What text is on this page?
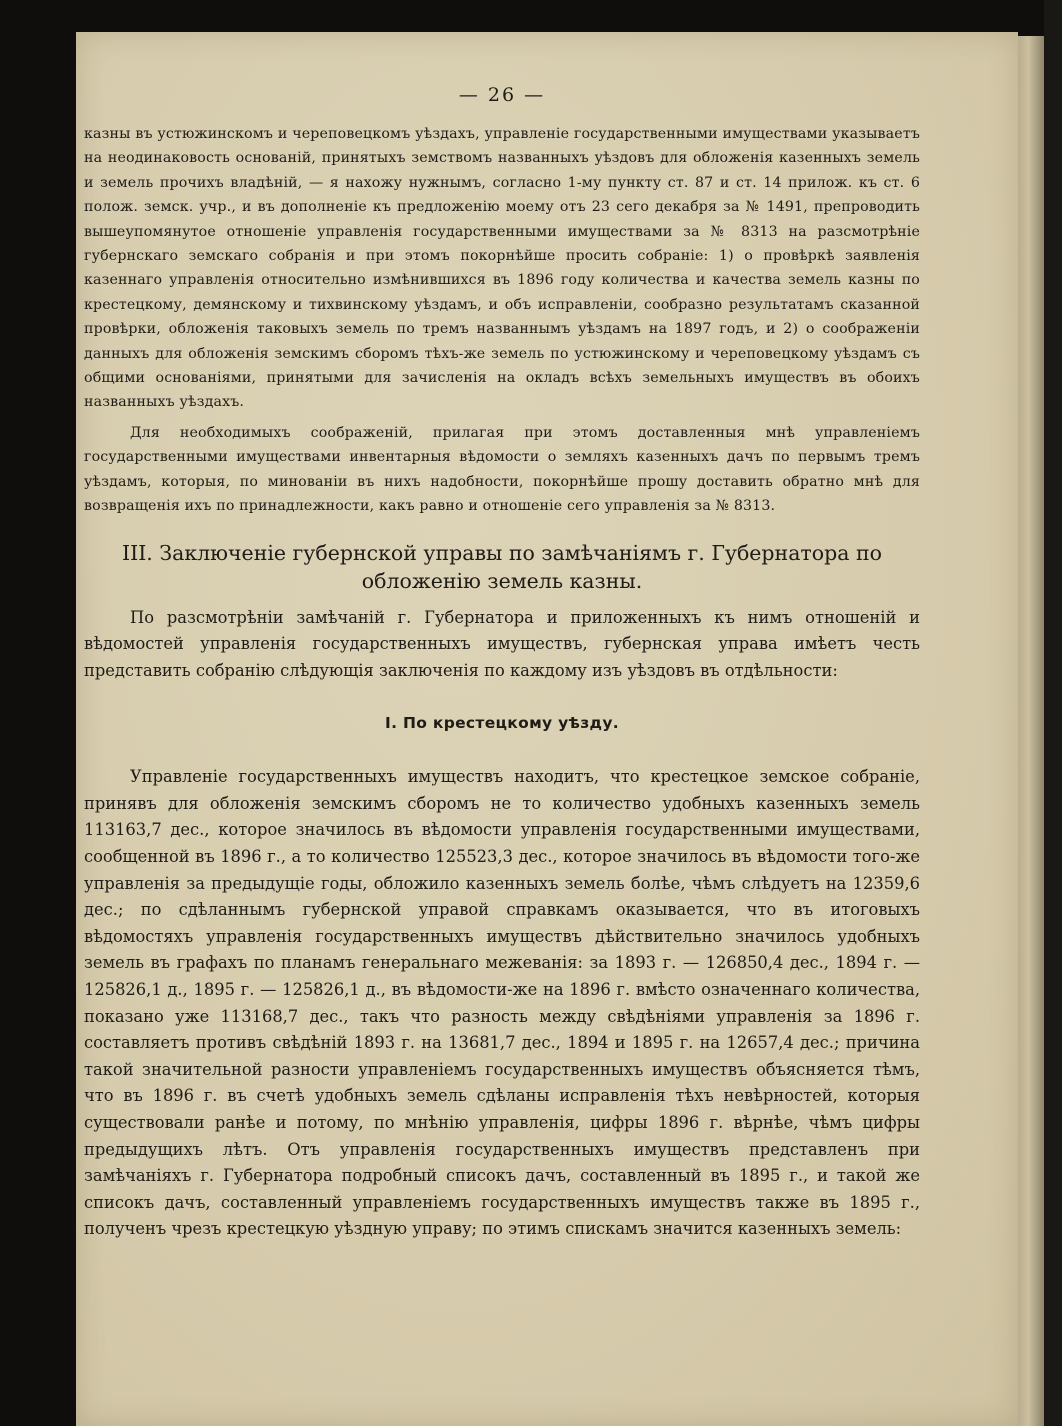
— 26 —

казны въ устюжинскомъ и череповецкомъ уѣздахъ, управленіе государственными имуществами указываетъ на неодинаковость основаній, принятыхъ земствомъ названныхъ уѣздовъ для обложенія казенныхъ земель и земель прочихъ владѣній, — я нахожу нужнымъ, согласно 1-му пункту ст. 87 и ст. 14 прилож. къ ст. 6 полож. земск. учр., и въ дополненіе къ предложенію моему отъ 23 сего декабря за № 1491, препроводить вышеупомянутое отношеніе управленія государственными имуществами за № 8313 на разсмотрѣніе губернскаго земскаго собранія и при этомъ покорнѣйше просить собраніе: 1) о провѣркѣ заявленія казеннаго управленія относительно измѣнившихся въ 1896 году количества и качества земель казны по крестецкому, демянскому и тихвинскому уѣздамъ, и объ исправленіи, сообразно результатамъ сказанной провѣрки, обложенія таковыхъ земель по тремъ названнымъ уѣздамъ на 1897 годъ, и 2) о соображеніи данныхъ для обложенія земскимъ сборомъ тѣхъ-же земель по устюжинскому и череповецкому уѣздамъ съ общими основаніями, принятыми для зачисленія на окладъ всѣхъ земельныхъ имуществъ въ обоихъ названныхъ уѣздахъ.

Для необходимыхъ соображеній, прилагая при этомъ доставленныя мнѣ управленіемъ государственными имуществами инвентарныя вѣдомости о земляхъ казенныхъ дачъ по первымъ тремъ уѣздамъ, которыя, по минованіи въ нихъ надобности, покорнѣйше прошу доставить обратно мнѣ для возвращенія ихъ по принадлежности, какъ равно и отношеніе сего управленія за № 8313.

III. Заключеніе губернской управы по замѣчаніямъ г. Губернатора по обложенію земель казны.

По разсмотрѣніи замѣчаній г. Губернатора и приложенныхъ къ нимъ отношеній и вѣдомостей управленія государственныхъ имуществъ, губернская управа имѣетъ честь представить собранію слѣдующія заключенія по каждому изъ уѣздовъ въ отдѣльности:

I. По крестецкому уѣзду.

Управленіе государственныхъ имуществъ находитъ, что крестецкое земское собраніе, принявъ для обложенія земскимъ сборомъ не то количество удобныхъ казенныхъ земель 113163,7 дес., которое значилось въ вѣдомости управленія государственными имуществами, сообщенной въ 1896 г., а то количество 125523,3 дес., которое значилось въ вѣдомости того-же управленія за предыдущіе годы, обложило казенныхъ земель болѣе, чѣмъ слѣдуетъ на 12359,6 дес.; по сдѣланнымъ губернской управой справкамъ оказывается, что въ итоговыхъ вѣдомостяхъ управленія государственныхъ имуществъ дѣйствительно значилось удобныхъ земель въ графахъ по планамъ генеральнаго межеванія: за 1893 г. — 126850,4 дес., 1894 г. — 125826,1 д., 1895 г. — 125826,1 д., въ вѣдомости-же на 1896 г. вмѣсто означеннаго количества, показано уже 113168,7 дес., такъ что разность между свѣдѣніями управленія за 1896 г. составляетъ противъ свѣдѣній 1893 г. на 13681,7 дес., 1894 и 1895 г. на 12657,4 дес.; причина такой значительной разности управленіемъ государственныхъ имуществъ объясняется тѣмъ, что въ 1896 г. въ счетѣ удобныхъ земель сдѣланы исправленія тѣхъ невѣрностей, которыя существовали ранѣе и потому, по мнѣнію управленія, цифры 1896 г. вѣрнѣе, чѣмъ цифры предыдущихъ лѣтъ. Отъ управленія государственныхъ имуществъ представленъ при замѣчаніяхъ г. Губернатора подробный списокъ дачъ, составленный въ 1895 г., и такой же списокъ дачъ, составленный управленіемъ государственныхъ имуществъ также въ 1895 г., полученъ чрезъ крестецкую уѣздную управу; по этимъ спискамъ значится казенныхъ земель:
